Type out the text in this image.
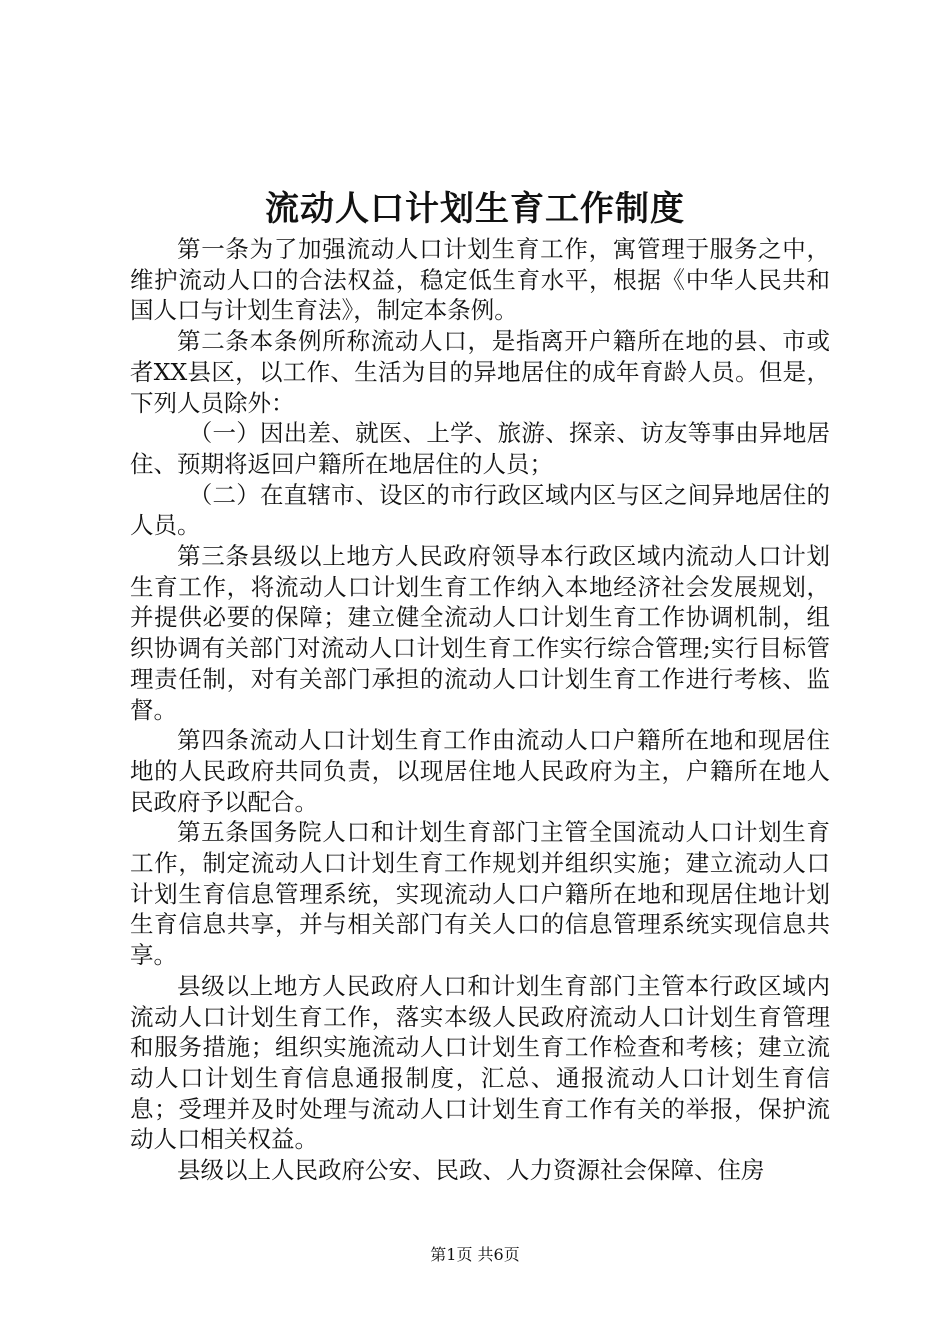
流动人口计划生育工作制度

第一条为了加强流动人口计划生育工作，寓管理于服务之中，维护流动人口的合法权益，稳定低生育水平，根据《中华人民共和国人口与计划生育法》，制定本条例。

第二条本条例所称流动人口，是指离开户籍所在地的县、市或者XX县区，以工作、生活为目的异地居住的成年育龄人员。但是，下列人员除外：

（一）因出差、就医、上学、旅游、探亲、访友等事由异地居住、预期将返回户籍所在地居住的人员；

（二）在直辖市、设区的市行政区域内区与区之间异地居住的人员。

第三条县级以上地方人民政府领导本行政区域内流动人口计划生育工作，将流动人口计划生育工作纳入本地经济社会发展规划，并提供必要的保障；建立健全流动人口计划生育工作协调机制，组织协调有关部门对流动人口计划生育工作实行综合管理;实行目标管理责任制，对有关部门承担的流动人口计划生育工作进行考核、监督。

第四条流动人口计划生育工作由流动人口户籍所在地和现居住地的人民政府共同负责，以现居住地人民政府为主，户籍所在地人民政府予以配合。

第五条国务院人口和计划生育部门主管全国流动人口计划生育工作，制定流动人口计划生育工作规划并组织实施；建立流动人口计划生育信息管理系统，实现流动人口户籍所在地和现居住地计划生育信息共享，并与相关部门有关人口的信息管理系统实现信息共享。

县级以上地方人民政府人口和计划生育部门主管本行政区域内流动人口计划生育工作，落实本级人民政府流动人口计划生育管理和服务措施；组织实施流动人口计划生育工作检查和考核；建立流动人口计划生育信息通报制度，汇总、通报流动人口计划生育信息；受理并及时处理与流动人口计划生育工作有关的举报，保护流动人口相关权益。

县级以上人民政府公安、民政、人力资源社会保障、住房

第1页 共6页
